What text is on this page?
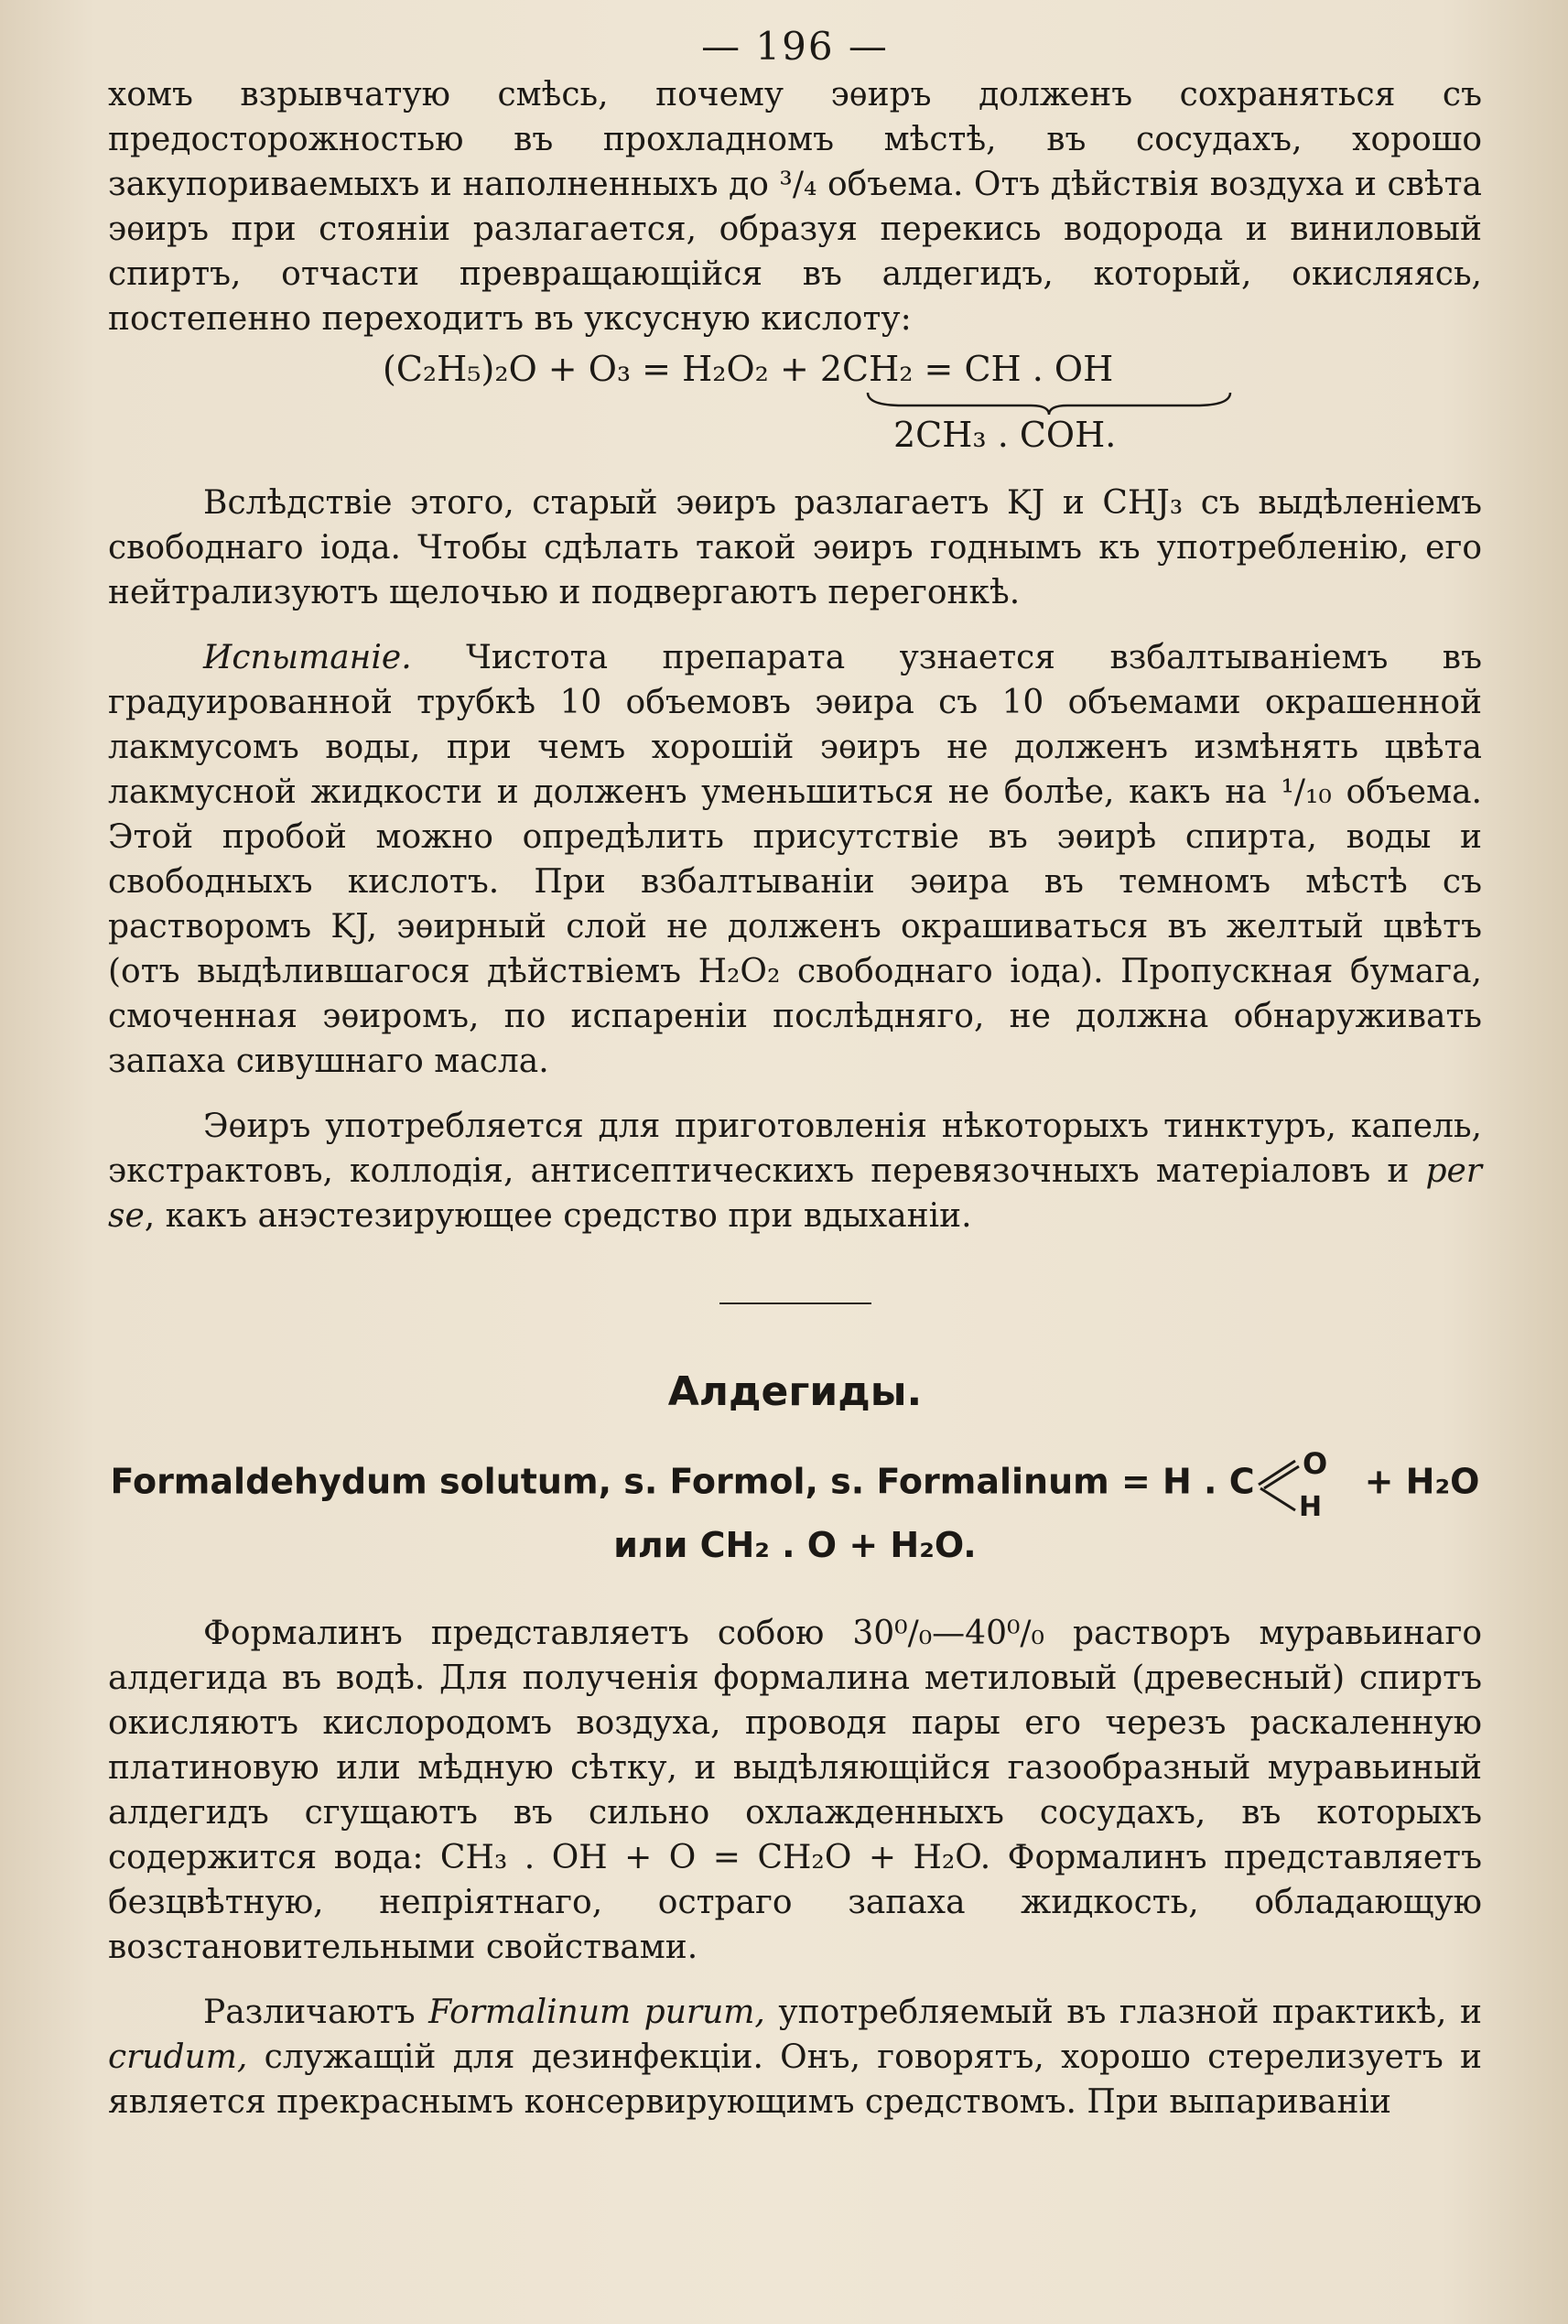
— 196 —

хомъ взрывчатую смѣсь, почему эѳиръ долженъ сохраняться съ предосторожностью въ прохладномъ мѣстѣ, въ сосудахъ, хорошо закупориваемыхъ и наполненныхъ до ³/₄ объема. Отъ дѣйствія воздуха и свѣта эѳиръ при стояніи разлагается, образуя перекись водорода и виниловый спиртъ, отчасти превращающійся въ алдегидъ, который, окисляясь, постепенно переходитъ въ уксусную кислоту:

(C₂H₅)₂O + O₃ = H₂O₂ + 2CH₂ = CH . OH
2CH₃ . COH.

Вслѣдствіе этого, старый эѳиръ разлагаетъ KJ и CHJ₃ съ выдѣленіемъ свободнаго іода. Чтобы сдѣлать такой эѳиръ годнымъ къ употребленію, его нейтрализуютъ щелочью и подвергаютъ перегонкѣ.

Испытаніе. Чистота препарата узнается взбалтываніемъ въ градуированной трубкѣ 10 объемовъ эѳира съ 10 объемами окрашенной лакмусомъ воды, при чемъ хорошій эѳиръ не долженъ измѣнять цвѣта лакмусной жидкости и долженъ уменьшиться не болѣе, какъ на ¹/₁₀ объема. Этой пробой можно опредѣлить присутствіе въ эѳирѣ спирта, воды и свободныхъ кислотъ. При взбалтываніи эѳира въ темномъ мѣстѣ съ растворомъ KJ, эѳирный слой не долженъ окрашиваться въ желтый цвѣтъ (отъ выдѣлившагося дѣйствіемъ H₂O₂ свободнаго іода). Пропускная бумага, смоченная эѳиромъ, по испареніи послѣдняго, не должна обнаруживать запаха сивушнаго масла.

Эѳиръ употребляется для приготовленія нѣкоторыхъ тинктуръ, капель, экстрактовъ, коллодія, антисептическихъ перевязочныхъ матеріаловъ и per se, какъ анэстезирующее средство при вдыханіи.

Алдегиды.
Formaldehydum solutum, s. Formol, s. Formalinum = H . C O
H
+ H₂O
или CH₂ . O + H₂O.

Формалинъ представляетъ собою 30⁰/₀—40⁰/₀ растворъ муравьинаго алдегида въ водѣ. Для полученія формалина метиловый (древесный) спиртъ окисляютъ кислородомъ воздуха, проводя пары его черезъ раскаленную платиновую или мѣдную сѣтку, и выдѣляющійся газообразный муравьиный алдегидъ сгущаютъ въ сильно охлажденныхъ сосудахъ, въ которыхъ содержится вода: CH₃ . OH + O = CH₂O + H₂O. Формалинъ представляетъ безцвѣтную, непріятнаго, остраго запаха жидкость, обладающую возстановительными свойствами.

Различаютъ Formalinum purum, употребляемый въ глазной практикѣ, и crudum, служащій для дезинфекціи. Онъ, говорятъ, хорошо стерелизуетъ и является прекраснымъ консервирующимъ средствомъ. При выпариваніи
